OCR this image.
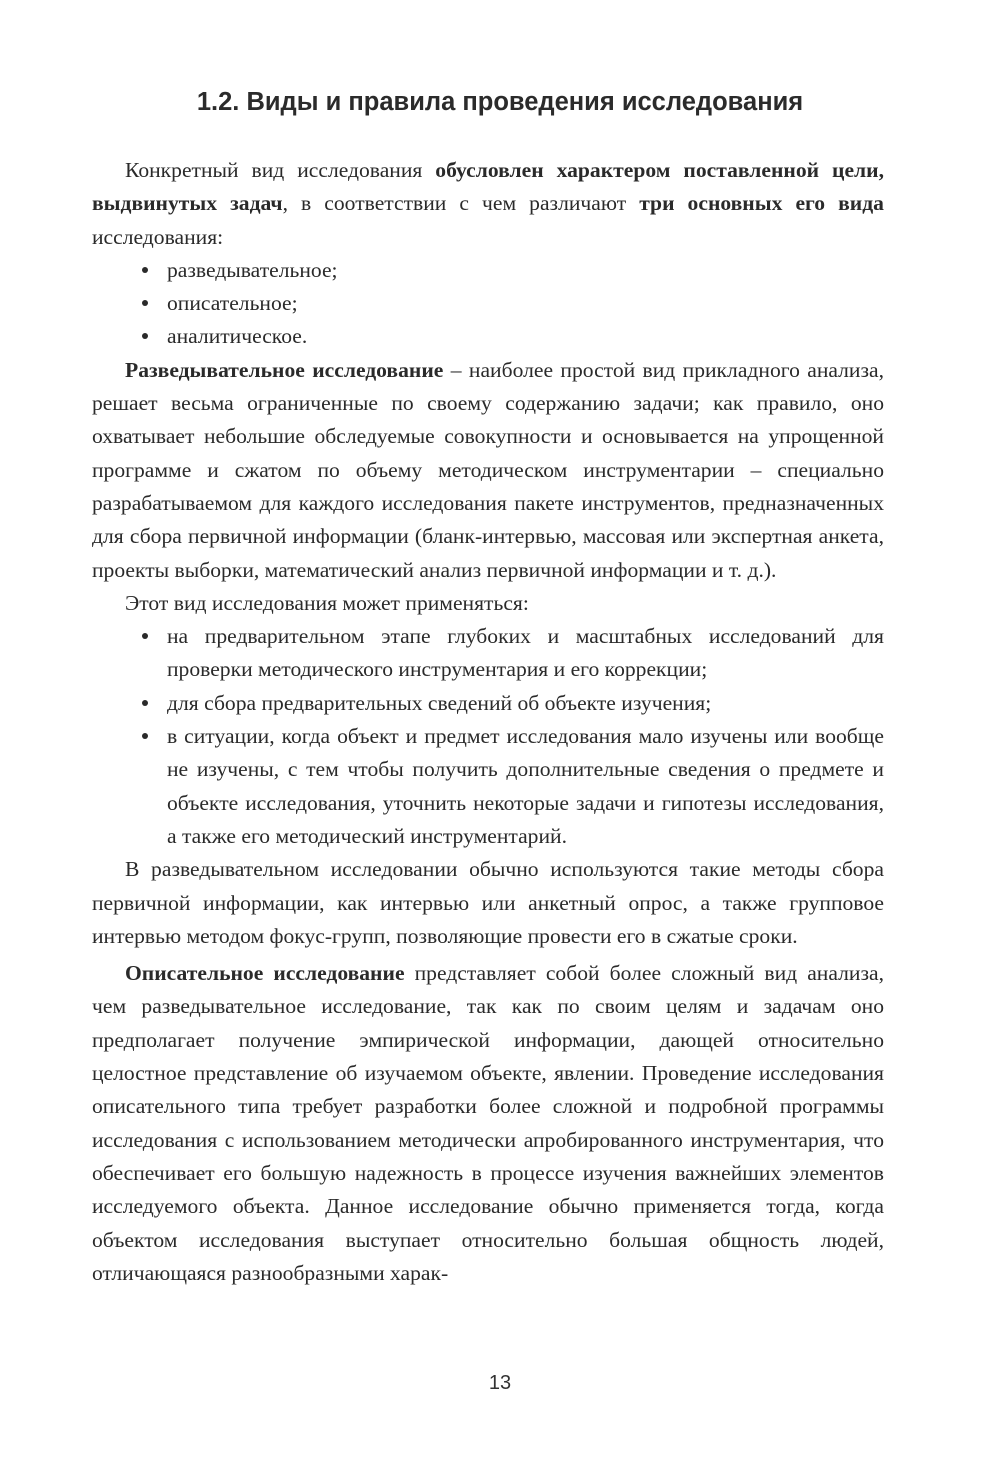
1.2. Виды и правила проведения исследования

Конкретный вид исследования обусловлен характером поставленной цели, выдвинутых задач, в соответствии с чем различают три основных его вида исследования:

разведывательное;
описательное;
аналитическое.

Разведывательное исследование – наиболее простой вид прикладного анализа, решает весьма ограниченные по своему содержанию задачи; как правило, оно охватывает небольшие обследуемые совокупности и основывается на упрощенной программе и сжатом по объему методическом инструментарии – специально разрабатываемом для каждого исследования пакете инструментов, предназначенных для сбора первичной информации (бланк-интервью, массовая или экспертная анкета, проекты выборки, математический анализ первичной информации и т. д.).

Этот вид исследования может применяться:

на предварительном этапе глубоких и масштабных исследований для проверки методического инструментария и его коррекции;
для сбора предварительных сведений об объекте изучения;
в ситуации, когда объект и предмет исследования мало изучены или вообще не изучены, с тем чтобы получить дополнительные сведения о предмете и объекте исследования, уточнить некоторые задачи и гипотезы исследования, а также его методический инструментарий.

В разведывательном исследовании обычно используются такие методы сбора первичной информации, как интервью или анкетный опрос, а также групповое интервью методом фокус-групп, позволяющие провести его в сжатые сроки.

Описательное исследование представляет собой более сложный вид анализа, чем разведывательное исследование, так как по своим целям и задачам оно предполагает получение эмпирической информации, дающей относительно целостное представление об изучаемом объекте, явлении. Проведение исследования описательного типа требует разработки более сложной и подробной программы исследования с использованием методически апробированного инструментария, что обеспечивает его большую надежность в процессе изучения важнейших элементов исследуемого объекта. Данное исследование обычно применяется тогда, когда объектом исследования выступает относительно большая общность людей, отличающаяся разнообразными харак-

13
